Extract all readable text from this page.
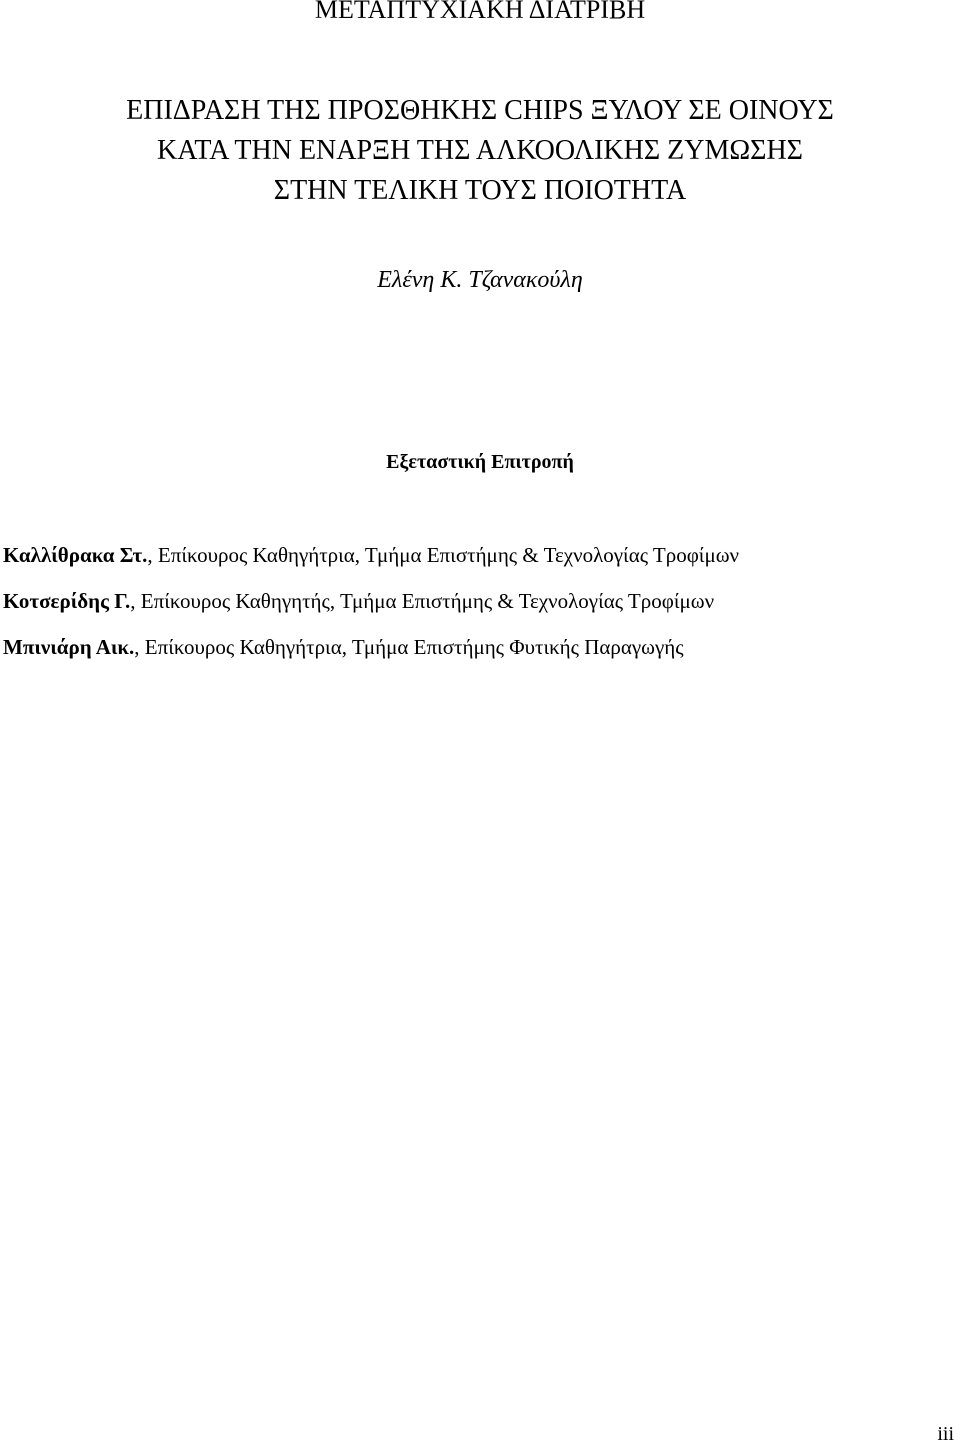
ΜΕΤΑΠΤΥΧΙΑΚΗ ΔΙΑΤΡΙΒΗ
ΕΠΙΔΡΑΣΗ ΤΗΣ ΠΡΟΣΘΗΚΗΣ CHIPS ΞΥΛΟΥ ΣΕ ΟΙΝΟΥΣ
ΚΑΤΑ ΤΗΝ ΕΝΑΡΞΗ ΤΗΣ ΑΛΚΟΟΛΙΚΗΣ ΖΥΜΩΣΗΣ
ΣΤΗΝ ΤΕΛΙΚΗ ΤΟΥΣ ΠΟΙΟΤΗΤΑ
Ελένη Κ. Τζανακούλη
Εξεταστική Επιτροπή
Καλλίθρακα Στ., Επίκουρος Καθηγήτρια, Τμήμα Επιστήμης & Τεχνολογίας Τροφίμων
Κοτσερίδης Γ., Επίκουρος Καθηγητής, Τμήμα Επιστήμης & Τεχνολογίας Τροφίμων
Μπινιάρη Αικ., Επίκουρος Καθηγήτρια, Τμήμα Επιστήμης Φυτικής Παραγωγής
iii
